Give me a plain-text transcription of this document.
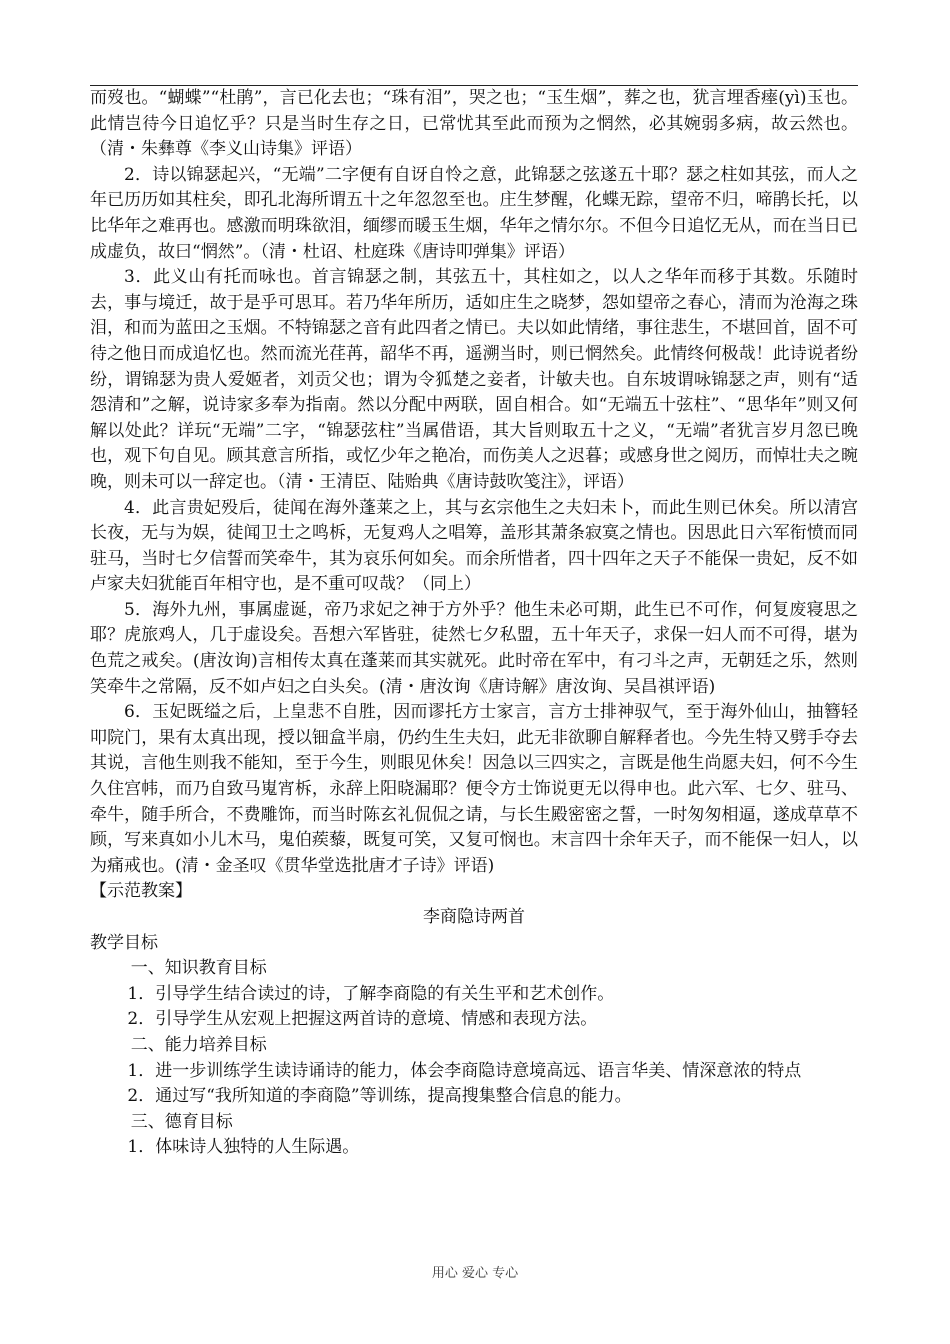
而歿也。“蝴蝶”“杜鹃”，言已化去也；“珠有泪”，哭之也；“玉生烟”，葬之也，犹言埋香瘗(yì)玉也。此情岂待今日追忆乎？只是当时生存之日，已常忧其至此而预为之惘然，必其婉弱多病，故云然也。（清・朱彝尊《李义山诗集》评语）

2．诗以锦瑟起兴，“无端”二字便有自讶自怜之意，此锦瑟之弦遂五十耶？瑟之柱如其弦，而人之年已历历如其柱矣，即孔北海所谓五十之年忽忽至也。庄生梦醒，化蝶无踪，望帝不归，啼鹃长托，以比华年之难再也。感激而明珠欲泪，缅缪而暖玉生烟，华年之情尔尔。不但今日追忆无从，而在当日已成虚负，故曰“惘然”。（清・杜诏、杜庭珠《唐诗叩弹集》评语）

3．此义山有托而咏也。首言锦瑟之制，其弦五十，其柱如之，以人之华年而移于其数。乐随时去，事与境迁，故于是乎可思耳。若乃华年所历，适如庄生之晓梦，怨如望帝之春心，清而为沧海之珠泪，和而为蓝田之玉烟。不特锦瑟之音有此四者之情已。夫以如此情绪，事往悲生，不堪回首，固不可待之他日而成追忆也。然而流光荏苒，韶华不再，遥溯当时，则已惘然矣。此情终何极哉！此诗说者纷纷，谓锦瑟为贵人爱姬者，刘贡父也；谓为令狐楚之妾者，计敏夫也。自东坡谓咏锦瑟之声，则有“适怨清和”之解，说诗家多奉为指南。然以分配中两联，固自相合。如“无端五十弦柱”、“思华年”则又何解以处此？详玩“无端”二字，“锦瑟弦柱”当属借语，其大旨则取五十之义，“无端”者犹言岁月忽已晚也，观下句自见。顾其意言所指，或忆少年之艳冶，而伤美人之迟暮；或感身世之阅历，而悼壮夫之晼晚，则未可以一辞定也。（清・王清臣、陆贻典《唐诗鼓吹笺注》，评语）

4．此言贵妃殁后，徒闻在海外蓬莱之上，其与玄宗他生之夫妇未卜，而此生则已休矣。所以清宫长夜，无与为娱，徒闻卫士之鸣柝，无复鸡人之唱筹，盖形其萧条寂寞之情也。因思此日六军衔愤而同驻马，当时七夕信誓而笑牵牛，其为哀乐何如矣。而余所惜者，四十四年之天子不能保一贵妃，反不如卢家夫妇犹能百年相守也，是不重可叹哉？（同上）

5．海外九州，事属虚诞，帝乃求妃之神于方外乎？他生未必可期，此生已不可作，何复废寝思之耶？虎旅鸡人，几于虚设矣。吾想六军皆驻，徒然七夕私盟，五十年天子，求保一妇人而不可得，堪为色荒之戒矣。(唐汝询)言相传太真在蓬莱而其实就死。此时帝在军中，有刁斗之声，无朝廷之乐，然则笑牵牛之常隔，反不如卢妇之白头矣。(清・唐汝询《唐诗解》唐汝询、吴昌祺评语)

6．玉妃既缢之后，上皇悲不自胜，因而谬托方士家言，言方士排神驭气，至于海外仙山，抽簪轻叩院门，果有太真出现，授以钿盒半扇，仍约生生夫妇，此无非欲聊自解释者也。今先生特又劈手夺去其说，言他生则我不能知，至于今生，则眼见休矣！因急以三四实之，言既是他生尚愿夫妇，何不今生久住宫帏，而乃自致马嵬宵柝，永辞上阳晓漏耶？便令方士饰说更无以得申也。此六军、七夕、驻马、牵牛，随手所合，不费雕饰，而当时陈玄礼侃侃之请，与长生殿密密之誓，一时匆匆相逼，遂成草草不顾，写来真如小儿木马，鬼伯蒺藜，既复可笑，又复可悯也。末言四十余年天子，而不能保一妇人，以为痛戒也。(清・金圣叹《贯华堂选批唐才子诗》评语)

【示范教案】

李商隐诗两首

教学目标

一、知识教育目标

1．引导学生结合读过的诗，了解李商隐的有关生平和艺术创作。

2．引导学生从宏观上把握这两首诗的意境、情感和表现方法。

二、能力培养目标

1．进一步训练学生读诗诵诗的能力，体会李商隐诗意境高远、语言华美、情深意浓的特点

2．通过写“我所知道的李商隐”等训练，提高搜集整合信息的能力。

三、德育目标

1．体味诗人独特的人生际遇。

用心 爱心 专心
